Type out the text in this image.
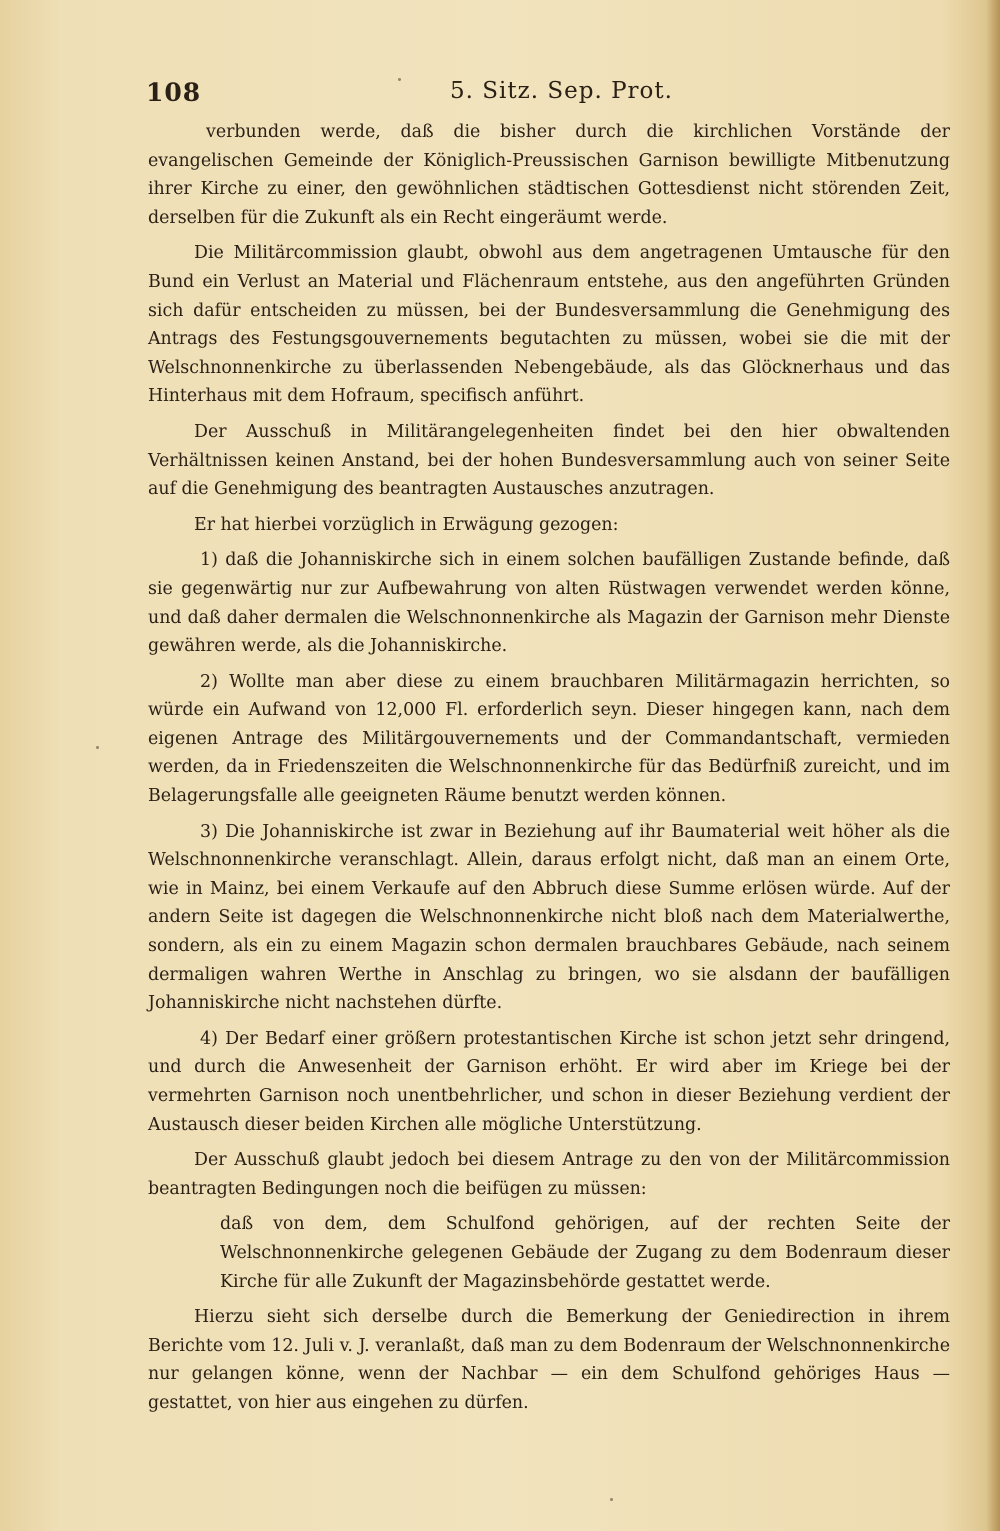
108	5. Sitz. Sep. Prot.

verbunden werde, daß die bisher durch die kirchlichen Vorstände der evangelischen Gemeinde der Königlich-Preussischen Garnison bewilligte Mitbenutzung ihrer Kirche zu einer, den gewöhnlichen städtischen Gottesdienst nicht störenden Zeit, derselben für die Zukunft als ein Recht eingeräumt werde.

Die Militärcommission glaubt, obwohl aus dem angetragenen Umtausche für den Bund ein Verlust an Material und Flächenraum entstehe, aus den angeführten Gründen sich dafür entscheiden zu müssen, bei der Bundesversammlung die Genehmigung des Antrags des Festungsgouvernements begutachten zu müssen, wobei sie die mit der Welschnonnenkirche zu überlassenden Nebengebäude, als das Glöcknerhaus und das Hinterhaus mit dem Hofraum, specifisch anführt.

Der Ausschuß in Militärangelegenheiten findet bei den hier obwaltenden Verhältnissen keinen Anstand, bei der hohen Bundesversammlung auch von seiner Seite auf die Genehmigung des beantragten Austausches anzutragen.

Er hat hierbei vorzüglich in Erwägung gezogen:

1) daß die Johanniskirche sich in einem solchen baufälligen Zustande befinde, daß sie gegenwärtig nur zur Aufbewahrung von alten Rüstwagen verwendet werden könne, und daß daher dermalen die Welschnonnenkirche als Magazin der Garnison mehr Dienste gewähren werde, als die Johanniskirche.

2) Wollte man aber diese zu einem brauchbaren Militärmagazin herrichten, so würde ein Aufwand von 12,000 Fl. erforderlich seyn. Dieser hingegen kann, nach dem eigenen Antrage des Militärgouvernements und der Commandantschaft, vermieden werden, da in Friedenszeiten die Welschnonnenkirche für das Bedürfniß zureicht, und im Belagerungsfalle alle geeigneten Räume benutzt werden können.

3) Die Johanniskirche ist zwar in Beziehung auf ihr Baumaterial weit höher als die Welschnonnenkirche veranschlagt. Allein, daraus erfolgt nicht, daß man an einem Orte, wie in Mainz, bei einem Verkaufe auf den Abbruch diese Summe erlösen würde. Auf der andern Seite ist dagegen die Welschnonnenkirche nicht bloß nach dem Materialwerthe, sondern, als ein zu einem Magazin schon dermalen brauchbares Gebäude, nach seinem dermaligen wahren Werthe in Anschlag zu bringen, wo sie alsdann der baufälligen Johanniskirche nicht nachstehen dürfte.

4) Der Bedarf einer größern protestantischen Kirche ist schon jetzt sehr dringend, und durch die Anwesenheit der Garnison erhöht. Er wird aber im Kriege bei der vermehrten Garnison noch unentbehrlicher, und schon in dieser Beziehung verdient der Austausch dieser beiden Kirchen alle mögliche Unterstützung.

Der Ausschuß glaubt jedoch bei diesem Antrage zu den von der Militärcommission beantragten Bedingungen noch die beifügen zu müssen:

daß von dem, dem Schulfond gehörigen, auf der rechten Seite der Welschnonnenkirche gelegenen Gebäude der Zugang zu dem Bodenraum dieser Kirche für alle Zukunft der Magazinsbehörde gestattet werde.

Hierzu sieht sich derselbe durch die Bemerkung der Geniedirection in ihrem Berichte vom 12. Juli v. J. veranlaßt, daß man zu dem Bodenraum der Welschnonnenkirche nur gelangen könne, wenn der Nachbar — ein dem Schulfond gehöriges Haus — gestattet, von hier aus eingehen zu dürfen.
